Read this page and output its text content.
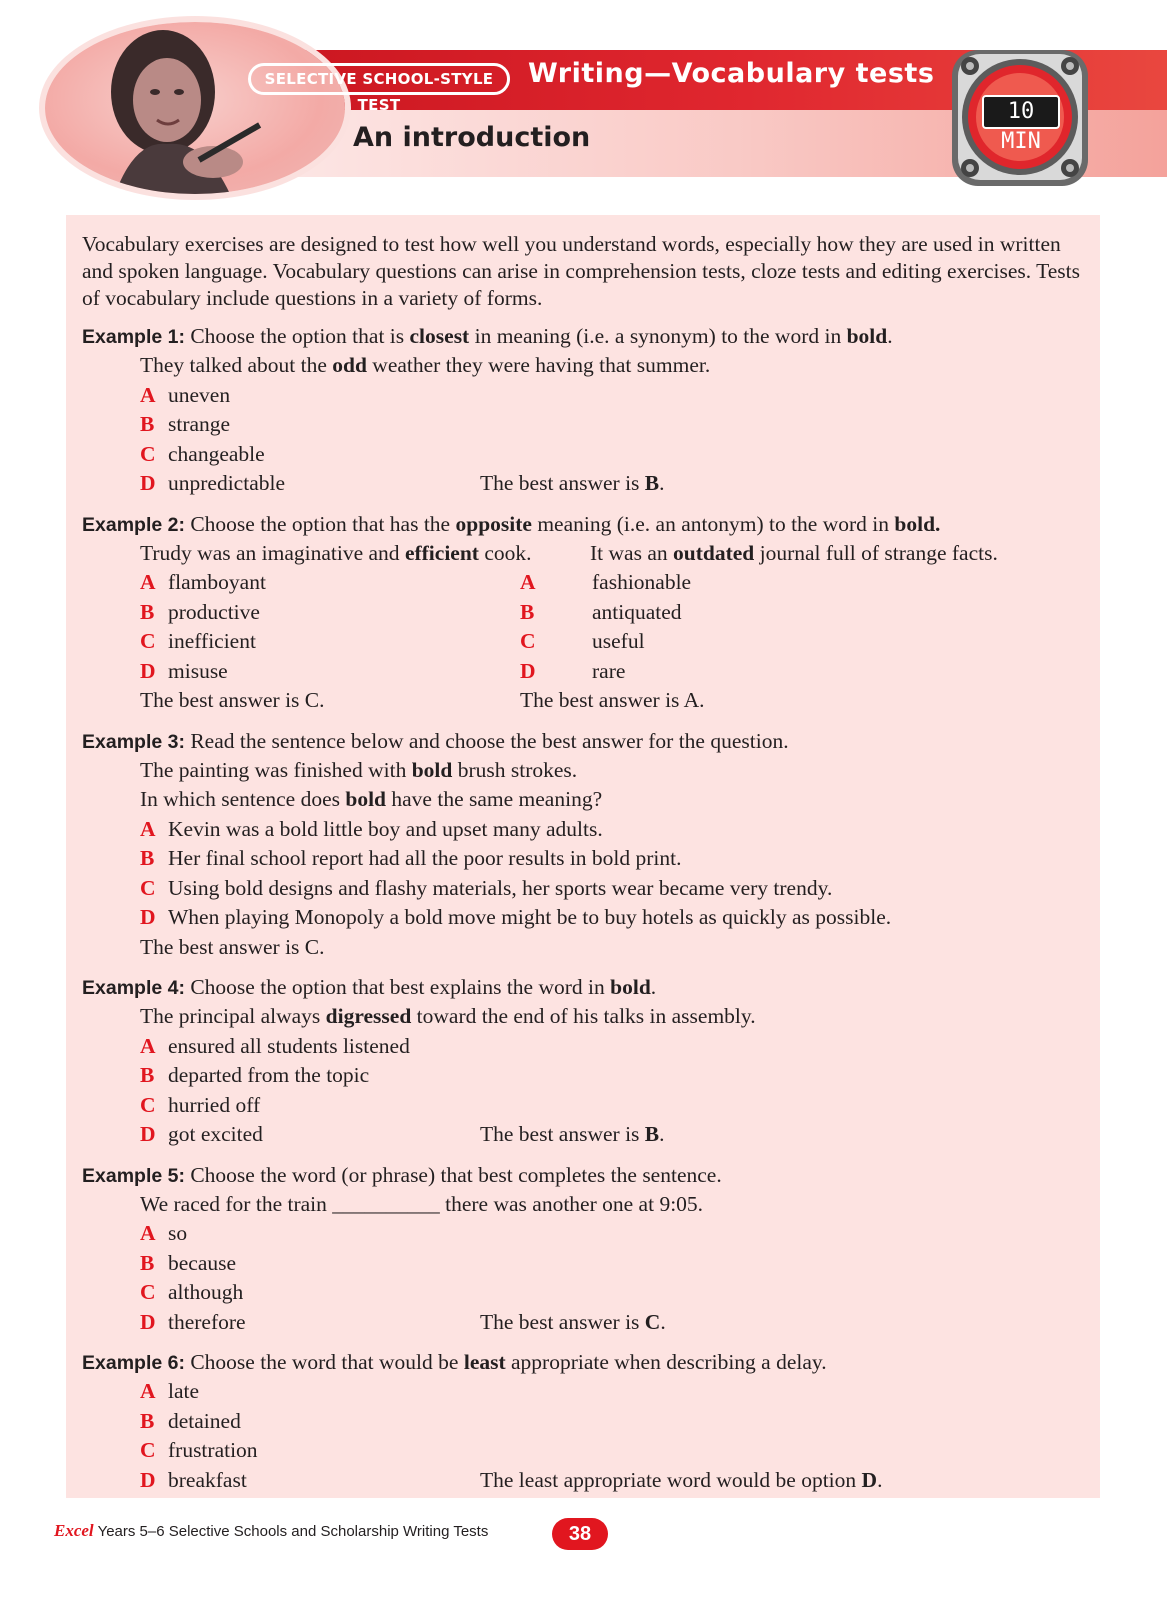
SELECTIVE SCHOOL-STYLE TEST
Writing—Vocabulary tests
An introduction
10 MIN

Vocabulary exercises are designed to test how well you understand words, especially how they are used in written and spoken language. Vocabulary questions can arise in comprehension tests, cloze tests and editing exercises. Tests of vocabulary include questions in a variety of forms.

Example 1: Choose the option that is closest in meaning (i.e. a synonym) to the word in bold.
They talked about the odd weather they were having that summer.
A uneven
B strange
C changeable
D unpredictable	The best answer is B.
Example 2: Choose the option that has the opposite meaning (i.e. an antonym) to the word in bold.
Trudy was an imaginative and efficient cook.	It was an outdated journal full of strange facts.
A flamboyant	A	fashionable
B productive	B	antiquated
C inefficient	C	useful
D misuse	D	rare
The best answer is C.	The best answer is A.
Example 3: Read the sentence below and choose the best answer for the question.
The painting was finished with bold brush strokes.
In which sentence does bold have the same meaning?
A Kevin was a bold little boy and upset many adults.
B Her final school report had all the poor results in bold print.
C Using bold designs and flashy materials, her sports wear became very trendy.
D When playing Monopoly a bold move might be to buy hotels as quickly as possible.
The best answer is C.
Example 4: Choose the option that best explains the word in bold.
The principal always digressed toward the end of his talks in assembly.
A ensured all students listened
B departed from the topic
C hurried off
D got excited	The best answer is B.
Example 5: Choose the word (or phrase) that best completes the sentence.
We raced for the train __________ there was another one at 9:05.
A so
B because
C although
D therefore	The best answer is C.
Example 6: Choose the word that would be least appropriate when describing a delay.
A late
B detained
C frustration
D breakfast	The least appropriate word would be option D.
Excel Years 5–6 Selective Schools and Scholarship Writing Tests	38
